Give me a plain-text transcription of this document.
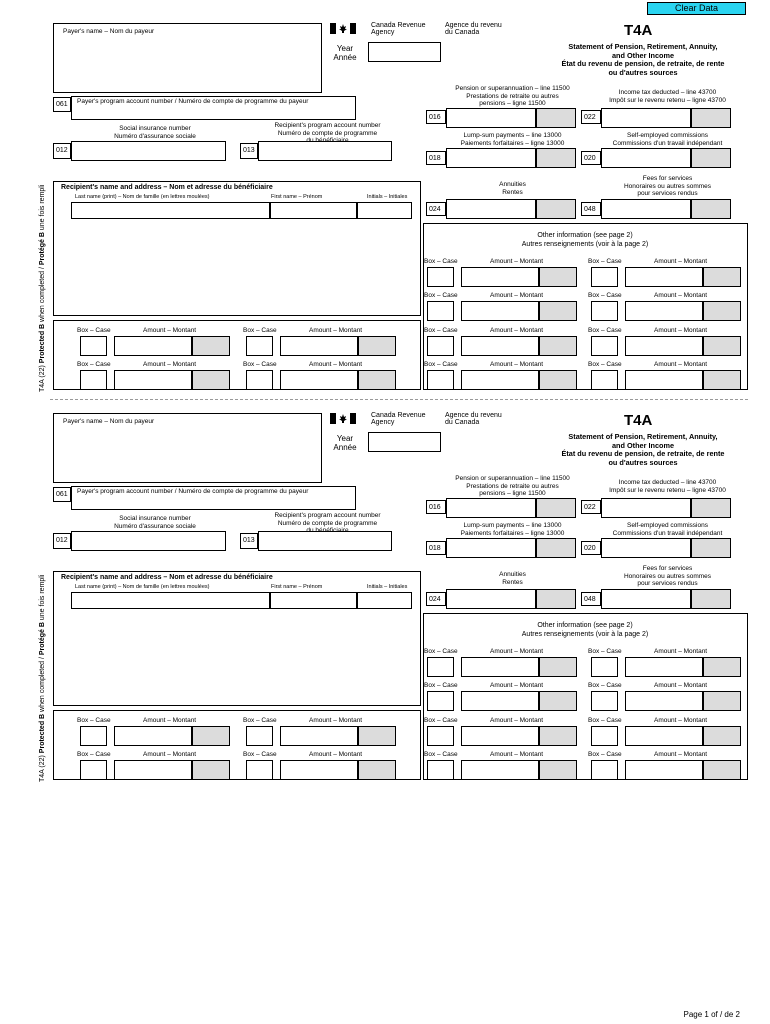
Clear Data
Page 1 of / de 2
Payer's name – Nom du payeur
Canada Revenue
Agency
Agence du revenu
du Canada
Year
Année
T4A
Statement of Pension, Retirement, Annuity,
and Other Income
État du revenu de pension, de retraite, de rente
ou d'autres sources
061	Payer's program account number / Numéro de compte de programme du payeur
Social insurance number
Numéro d'assurance sociale
012
Recipient's program account number
Numéro de compte de programme
013
Pension or superannuation – line 11500
Prestations de retraite ou autres
pensions – ligne 11500
016
Income tax deducted – line 43700
Impôt sur le revenu retenu – ligne 43700
022
Lump-sum payments – line 13000
Paiements forfaitaires – ligne 13000
018
Self-employed commissions
Commissions d'un travail indépendant
020
Annuities
Rentes
024
Fees for services
Honoraires ou autres sommes
pour services rendus
048
Recipient's name and address – Nom et adresse du bénéficiaire
Last name (print) – Nom de famille (en lettres moulées)	First name – Prénom	Initials – Initiales
Other information (see page 2)
Autres renseignements (voir à la page 2)
T4A (22) Protected B when completed / Protégé B une fois rempli
Box – Case	Amount – Montant	Box – Case	Amount – Montant
Box – Case	Amount – Montant	Box – Case	Amount – Montant
Box – Case	Amount – Montant	Box – Case	Amount – Montant
Box – Case	Amount – Montant	Box – Case	Amount – Montant
Box – Case	Amount – Montant	Box – Case	Amount – Montant
Box – Case	Amount – Montant	Box – Case	Amount – Montant
Payer's name – Nom du payeur
Canada Revenue
Agency
Agence du revenu
du Canada
Year
Année
T4A
Statement of Pension, Retirement, Annuity,
and Other Income
État du revenu de pension, de retraite, de rente
ou d'autres sources
061	Payer's program account number / Numéro de compte de programme du payeur
Social insurance number
Numéro d'assurance sociale
012
Recipient's program account number
Numéro de compte de programme
013
Pension or superannuation – line 11500
Prestations de retraite ou autres
pensions – ligne 11500
016
Income tax deducted – line 43700
Impôt sur le revenu retenu – ligne 43700
022
Lump-sum payments – line 13000
Paiements forfaitaires – ligne 13000
018
Self-employed commissions
Commissions d'un travail indépendant
020
Annuities
Rentes
024
Fees for services
Honoraires ou autres sommes
pour services rendus
048
Recipient's name and address – Nom et adresse du bénéficiaire
Last name (print) – Nom de famille (en lettres moulées)	First name – Prénom	Initials – Initiales
Other information (see page 2)
Autres renseignements (voir à la page 2)
T4A (22) Protected B when completed / Protégé B une fois rempli
Box – Case	Amount – Montant	Box – Case	Amount – Montant
Box – Case	Amount – Montant	Box – Case	Amount – Montant
Box – Case	Amount – Montant	Box – Case	Amount – Montant
Box – Case	Amount – Montant	Box – Case	Amount – Montant
Box – Case	Amount – Montant	Box – Case	Amount – Montant
Box – Case	Amount – Montant	Box – Case	Amount – Montant
